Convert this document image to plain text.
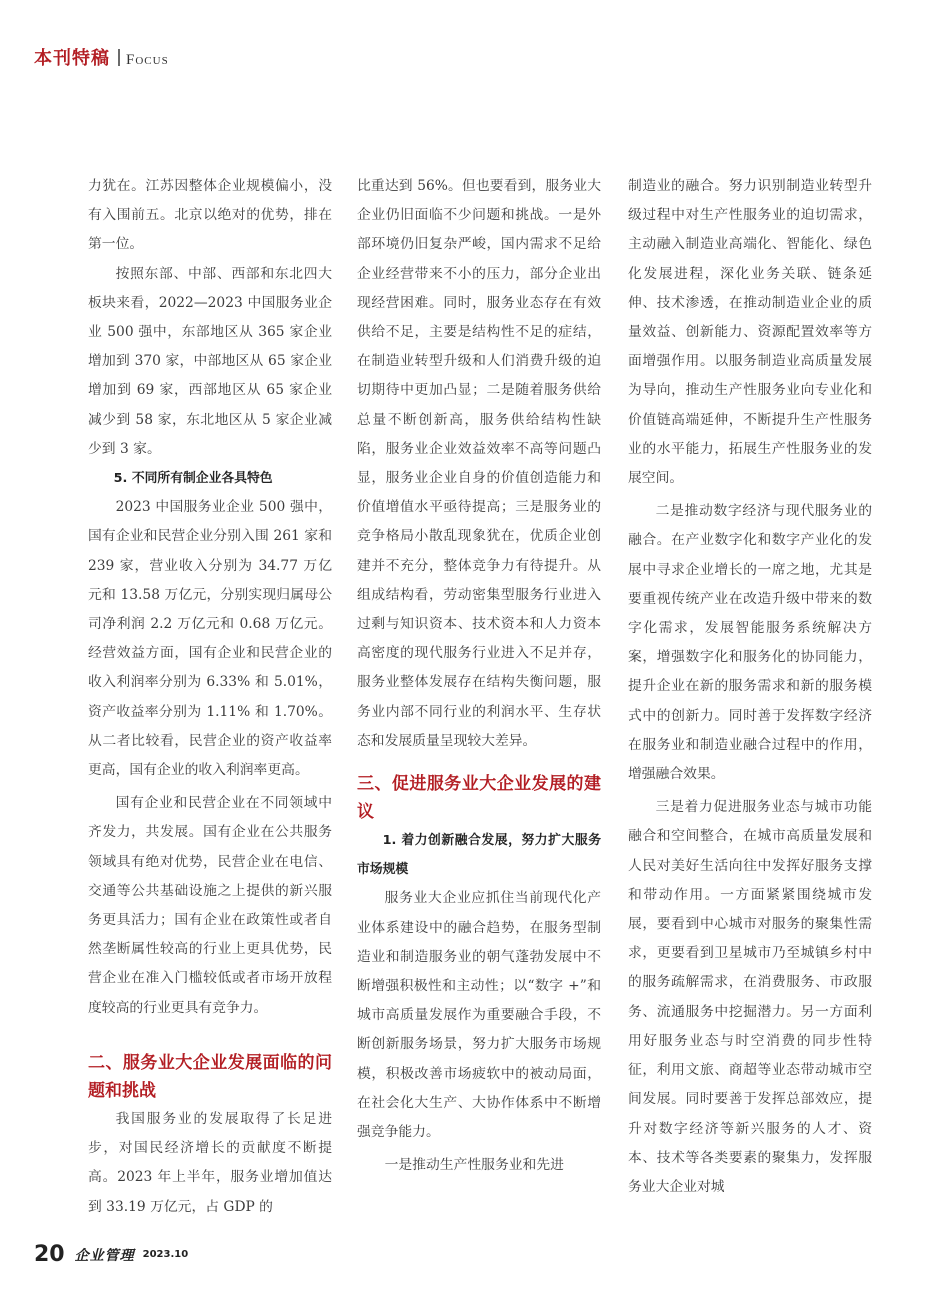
本刊特稿 Focus

力犹在。江苏因整体企业规模偏小，没有入围前五。北京以绝对的优势，排在第一位。

按照东部、中部、西部和东北四大板块来看，2022—2023 中国服务业企业 500 强中，东部地区从 365 家企业增加到 370 家，中部地区从 65 家企业增加到 69 家，西部地区从 65 家企业减少到 58 家，东北地区从 5 家企业减少到 3 家。

5. 不同所有制企业各具特色

2023 中国服务业企业 500 强中，国有企业和民营企业分别入围 261 家和 239 家，营业收入分别为 34.77 万亿元和 13.58 万亿元，分别实现归属母公司净利润 2.2 万亿元和 0.68 万亿元。经营效益方面，国有企业和民营企业的收入利润率分别为 6.33% 和 5.01%，资产收益率分别为 1.11% 和 1.70%。从二者比较看，民营企业的资产收益率更高，国有企业的收入利润率更高。

国有企业和民营企业在不同领域中齐发力，共发展。国有企业在公共服务领域具有绝对优势，民营企业在电信、交通等公共基础设施之上提供的新兴服务更具活力；国有企业在政策性或者自然垄断属性较高的行业上更具优势，民营企业在准入门槛较低或者市场开放程度较高的行业更具有竞争力。

二、服务业大企业发展面临的问题和挑战

我国服务业的发展取得了长足进步，对国民经济增长的贡献度不断提高。2023 年上半年，服务业增加值达到 33.19 万亿元，占 GDP 的

比重达到 56%。但也要看到，服务业大企业仍旧面临不少问题和挑战。一是外部环境仍旧复杂严峻，国内需求不足给企业经营带来不小的压力，部分企业出现经营困难。同时，服务业态存在有效供给不足，主要是结构性不足的症结，在制造业转型升级和人们消费升级的迫切期待中更加凸显；二是随着服务供给总量不断创新高，服务供给结构性缺陷，服务业企业效益效率不高等问题凸显，服务业企业自身的价值创造能力和价值增值水平亟待提高；三是服务业的竞争格局小散乱现象犹在，优质企业创建并不充分，整体竞争力有待提升。从组成结构看，劳动密集型服务行业进入过剩与知识资本、技术资本和人力资本高密度的现代服务行业进入不足并存，服务业整体发展存在结构失衡问题，服务业内部不同行业的利润水平、生存状态和发展质量呈现较大差异。

三、促进服务业大企业发展的建议

1. 着力创新融合发展，努力扩大服务市场规模

服务业大企业应抓住当前现代化产业体系建设中的融合趋势，在服务型制造业和制造服务业的朝气蓬勃发展中不断增强积极性和主动性；以“数字 +”和城市高质量发展作为重要融合手段，不断创新服务场景，努力扩大服务市场规模，积极改善市场疲软中的被动局面，在社会化大生产、大协作体系中不断增强竞争能力。

一是推动生产性服务业和先进

制造业的融合。努力识别制造业转型升级过程中对生产性服务业的迫切需求，主动融入制造业高端化、智能化、绿色化发展进程，深化业务关联、链条延伸、技术渗透，在推动制造业企业的质量效益、创新能力、资源配置效率等方面增强作用。以服务制造业高质量发展为导向，推动生产性服务业向专业化和价值链高端延伸，不断提升生产性服务业的水平能力，拓展生产性服务业的发展空间。

二是推动数字经济与现代服务业的融合。在产业数字化和数字产业化的发展中寻求企业增长的一席之地，尤其是要重视传统产业在改造升级中带来的数字化需求，发展智能服务系统解决方案，增强数字化和服务化的协同能力，提升企业在新的服务需求和新的服务模式中的创新力。同时善于发挥数字经济在服务业和制造业融合过程中的作用，增强融合效果。

三是着力促进服务业态与城市功能融合和空间整合，在城市高质量发展和人民对美好生活向往中发挥好服务支撑和带动作用。一方面紧紧围绕城市发展，要看到中心城市对服务的聚集性需求，更要看到卫星城市乃至城镇乡村中的服务疏解需求，在消费服务、市政服务、流通服务中挖掘潜力。另一方面利用好服务业态与时空消费的同步性特征，利用文旅、商超等业态带动城市空间发展。同时要善于发挥总部效应，提升对数字经济等新兴服务的人才、资本、技术等各类要素的聚集力，发挥服务业大企业对城

20 企业管理 2023.10
